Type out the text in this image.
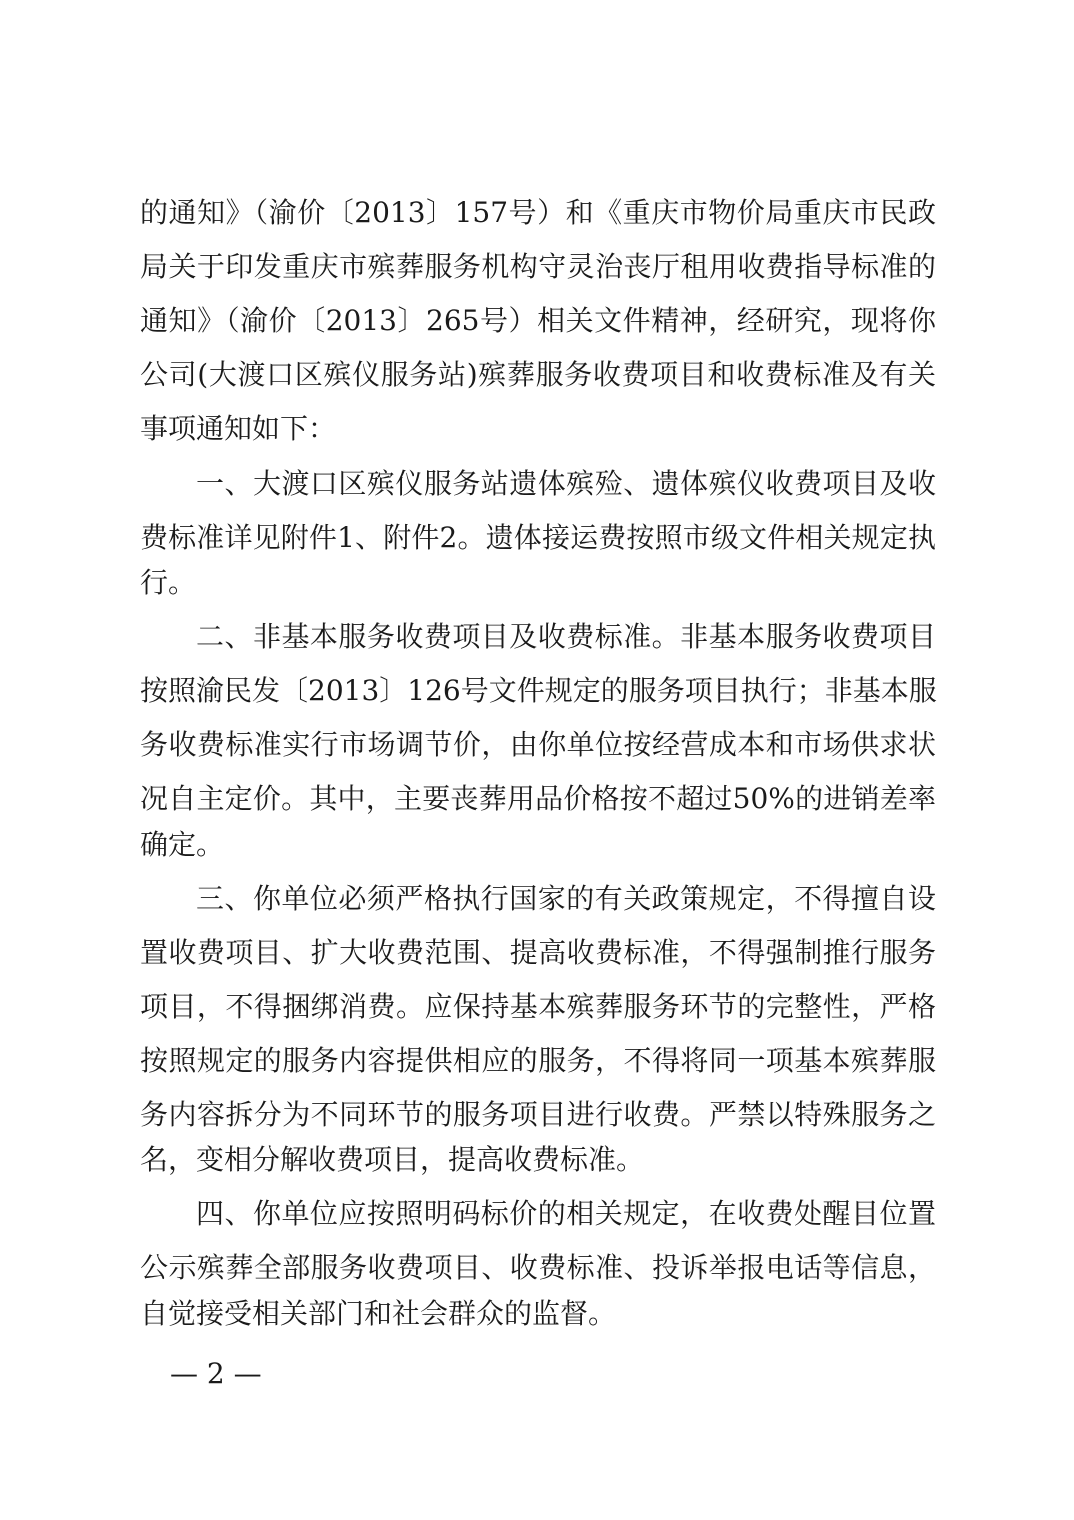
的通知》（渝价〔2013〕157号）和《重庆市物价局重庆市民政
局关于印发重庆市殡葬服务机构守灵治丧厅租用收费指导标准的
通知》（渝价〔2013〕265号）相关文件精神，经研究，现将你
公司(大渡口区殡仪服务站)殡葬服务收费项目和收费标准及有关
事项通知如下：
一、大渡口区殡仪服务站遗体殡殓、遗体殡仪收费项目及收
费标准详见附件1、附件2。遗体接运费按照市级文件相关规定执
行。
二、非基本服务收费项目及收费标准。非基本服务收费项目
按照渝民发〔2013〕126号文件规定的服务项目执行；非基本服
务收费标准实行市场调节价，由你单位按经营成本和市场供求状
况自主定价。其中，主要丧葬用品价格按不超过50%的进销差率
确定。
三、你单位必须严格执行国家的有关政策规定，不得擅自设
置收费项目、扩大收费范围、提高收费标准，不得强制推行服务
项目，不得捆绑消费。应保持基本殡葬服务环节的完整性，严格
按照规定的服务内容提供相应的服务，不得将同一项基本殡葬服
务内容拆分为不同环节的服务项目进行收费。严禁以特殊服务之
名，变相分解收费项目，提高收费标准。
四、你单位应按照明码标价的相关规定，在收费处醒目位置
公示殡葬全部服务收费项目、收费标准、投诉举报电话等信息，
自觉接受相关部门和社会群众的监督。
— 2 —
